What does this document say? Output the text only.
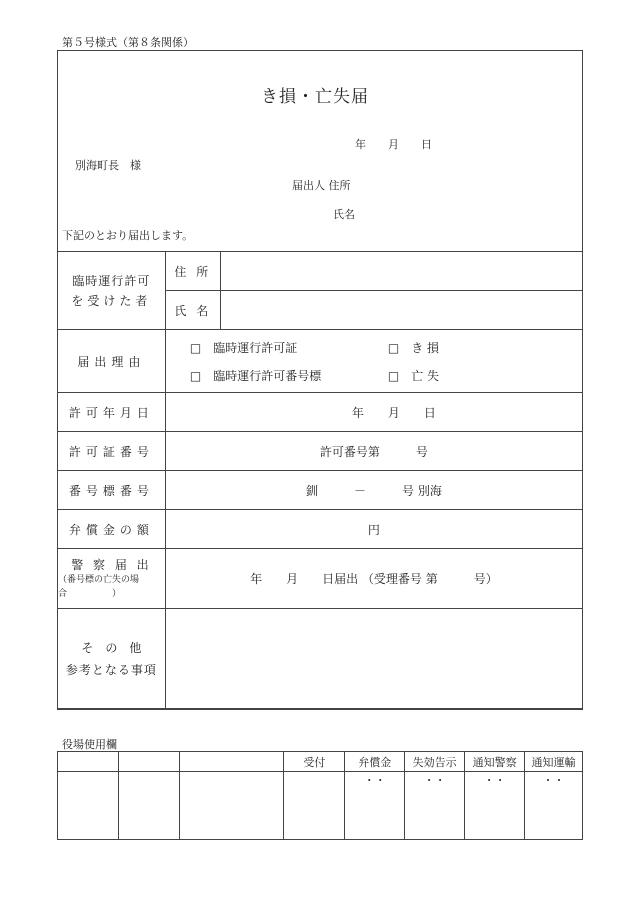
第５号様式（第８条関係）
き損・亡失届
年　　月　　日
別海町長　様
届出人 住所
氏名
下記のとおり届出します。
臨時運行許可
を受けた者	住 所	
	氏 名	
届出理由	□　 臨時運行許可証 □　 き 損
□　 臨時運行許可番号標 □　 亡 失	

許可年月日	年　　月　　日	
許可証番号	許可番号第　　　号	
番号標番号	釧　　　－　　　号 別海	
弁償金の額	円	

警 察 届 出
（番号標の亡失の場合　　　　　）	年　　月　　日届出 （受理番号 第　　　号）	

そ　の　他
参考となる事項		

役場使用欄
			受付	弁償金	失効告示	通知警察	通知運輸
				・・	・・	・・	・・
